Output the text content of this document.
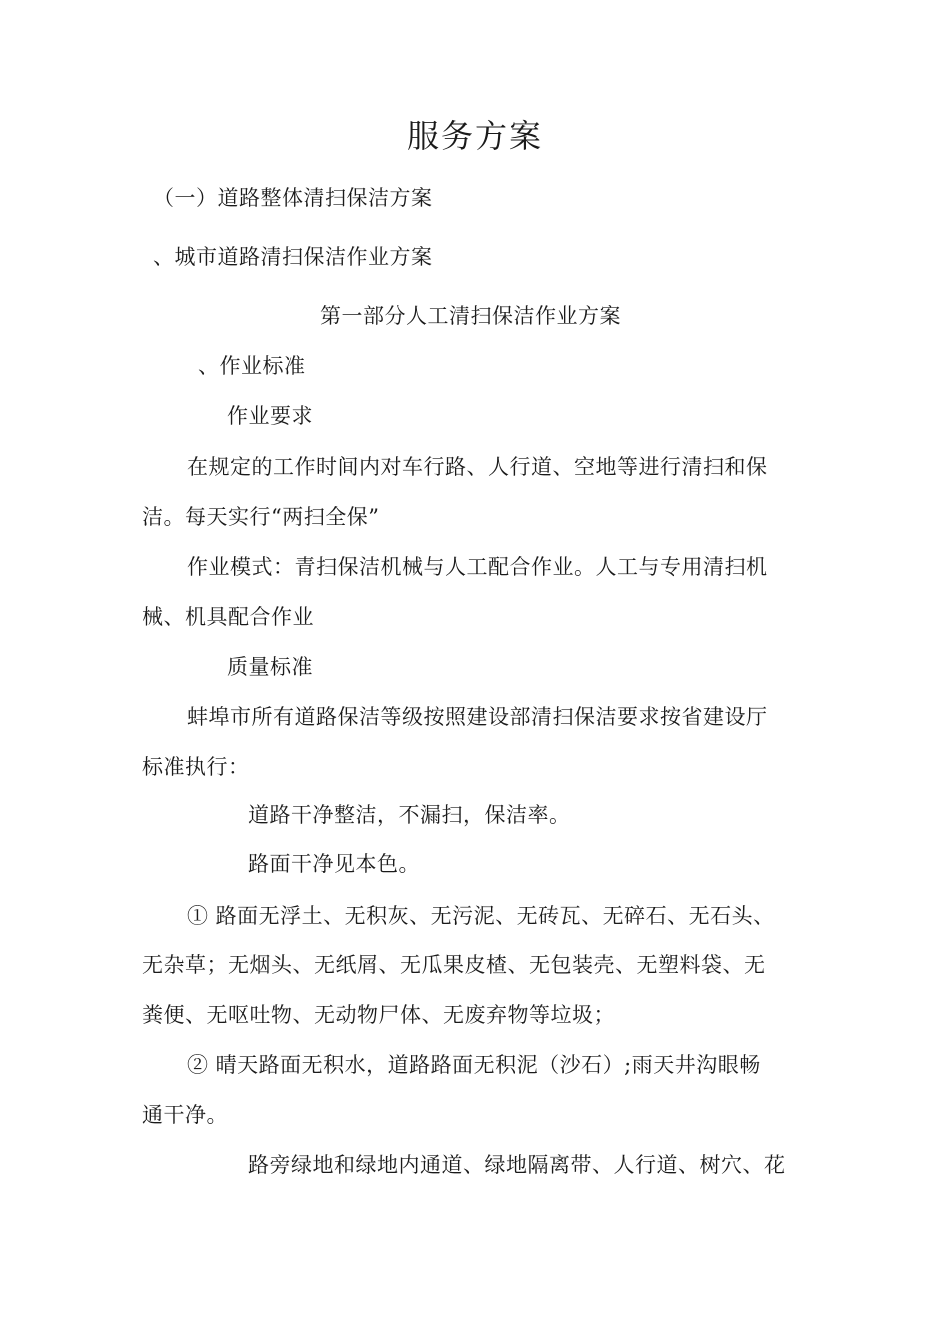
服务方案
（一）道路整体清扫保洁方案
、城市道路清扫保洁作业方案
第一部分人工清扫保洁作业方案
、作业标准
作业要求
在规定的工作时间内对车行路、人行道、空地等进行清扫和保
洁。每天实行“两扫全保”
作业模式：青扫保洁机械与人工配合作业。人工与专用清扫机
械、机具配合作业
质量标准
蚌埠市所有道路保洁等级按照建设部清扫保洁要求按省建设厅
标准执行：
道路干净整洁，不漏扫，保洁率。
路面干净见本色。
① 路面无浮土、无积灰、无污泥、无砖瓦、无碎石、无石头、
无杂草；无烟头、无纸屑、无瓜果皮楂、无包装壳、无塑料袋、无
粪便、无呕吐物、无动物尸体、无废弃物等垃圾；
② 晴天路面无积水，道路路面无积泥（沙石）;雨天井沟眼畅
通干净。
路旁绿地和绿地内通道、绿地隔离带、人行道、树穴、花
